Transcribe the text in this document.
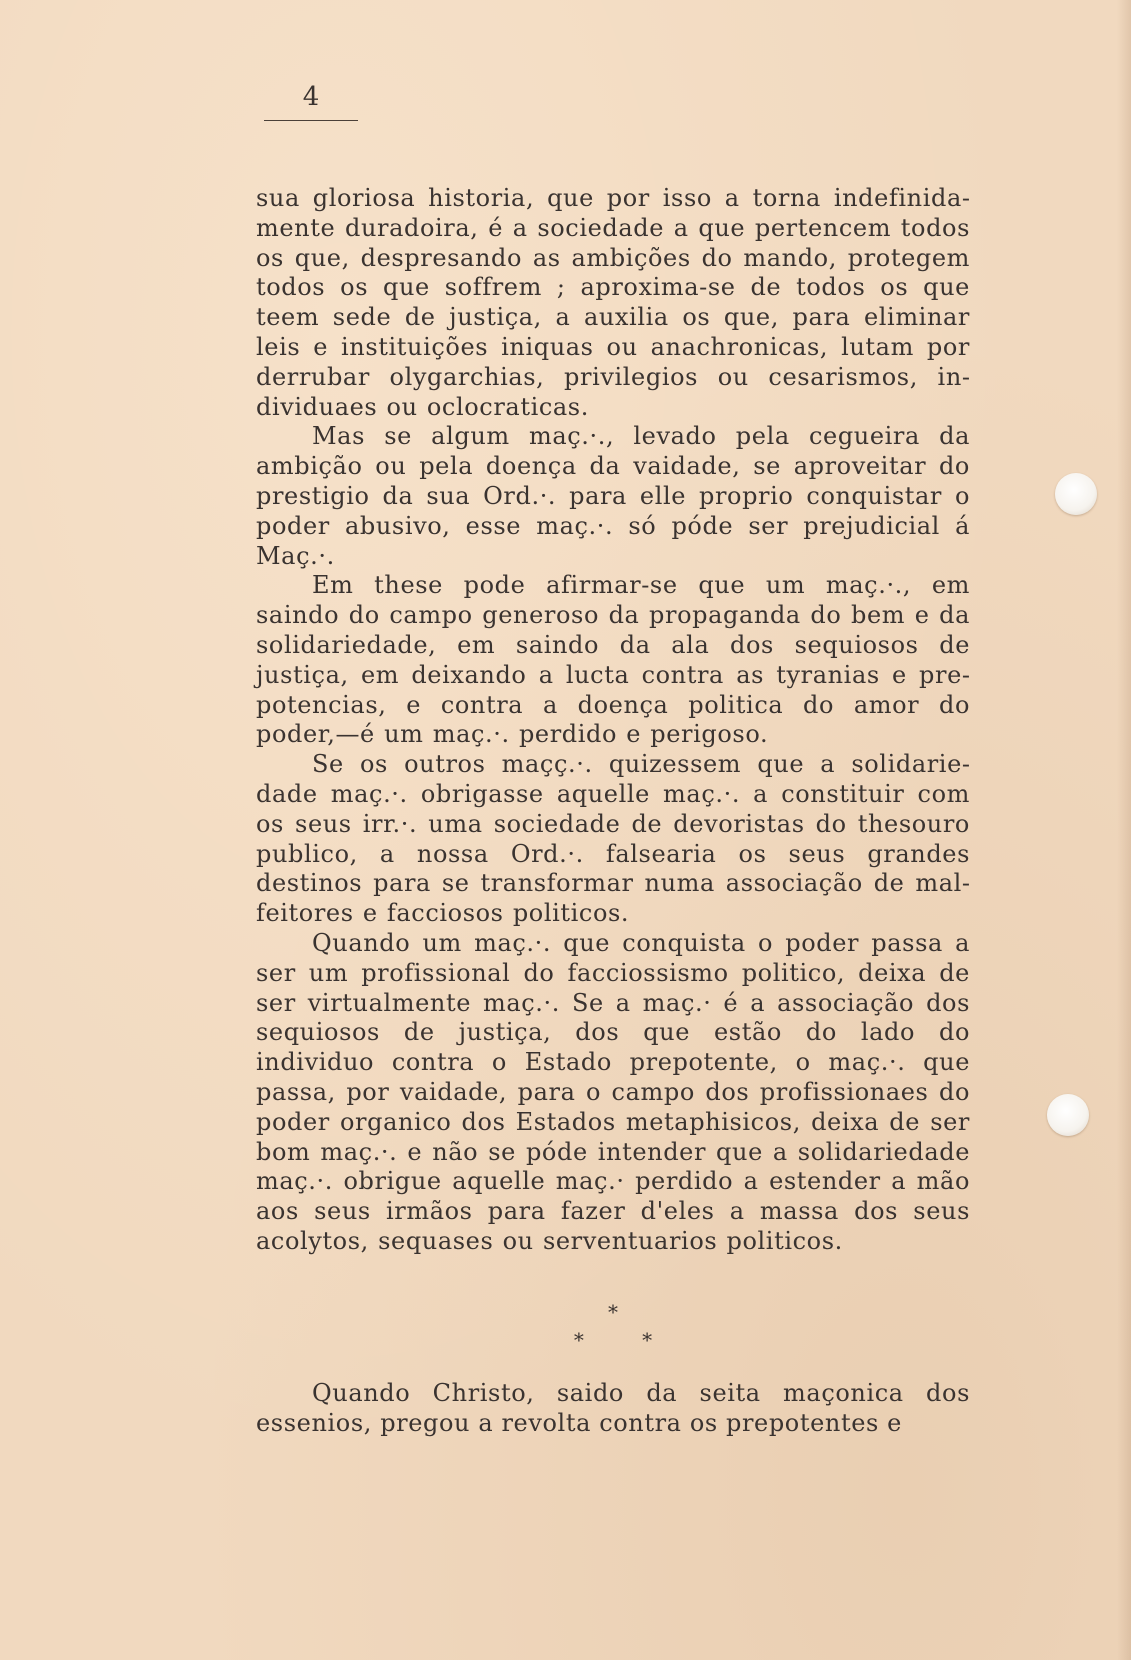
4

sua gloriosa historia, que por isso a torna indefinidamente duradoira, é a sociedade a que pertencem todos os que, despresando as ambições do mando, protegem todos os que soffrem ; aproxima-se de todos os que teem sede de justiça, a auxilia os que, para eliminar leis e instituições iniquas ou anachronicas, lutam por derrubar olygarchias, privilegios ou cesarismos, individuaes ou oclocraticas.

Mas se algum maç.·., levado pela cegueira da ambição ou pela doença da vaidade, se aproveitar do prestigio da sua Ord.·. para elle proprio conquistar o poder abusivo, esse maç.·. só póde ser prejudicial á Maç.·.

Em these pode afirmar-se que um maç.·., em saindo do campo generoso da propaganda do bem e da solidariedade, em saindo da ala dos sequiosos de justiça, em deixando a lucta contra as tyranias e prepotencias, e contra a doença politica do amor do poder,—é um maç.·. perdido e perigoso.

Se os outros maçç.·. quizessem que a solidariedade maç.·. obrigasse aquelle maç.·. a constituir com os seus irr.·. uma sociedade de devoristas do thesouro publico, a nossa Ord.·. falsearia os seus grandes destinos para se transformar numa associação de malfeitores e facciosos politicos.

Quando um maç.·. que conquista o poder passa a ser um profissional do facciossismo politico, deixa de ser virtualmente maç.·. Se a maç.· é a associação dos sequiosos de justiça, dos que estão do lado do individuo contra o Estado prepotente, o maç.·. que passa, por vaidade, para o campo dos profissionaes do poder organico dos Estados metaphisicos, deixa de ser bom maç.·. e não se póde intender que a solidariedade maç.·. obrigue aquelle maç.· perdido a estender a mão aos seus irmãos para fazer d'eles a massa dos seus acolytos, sequases ou serventuarios politicos.

*
*	*

Quando Christo, saido da seita maçonica dos essenios, pregou a revolta contra os prepotentes e
